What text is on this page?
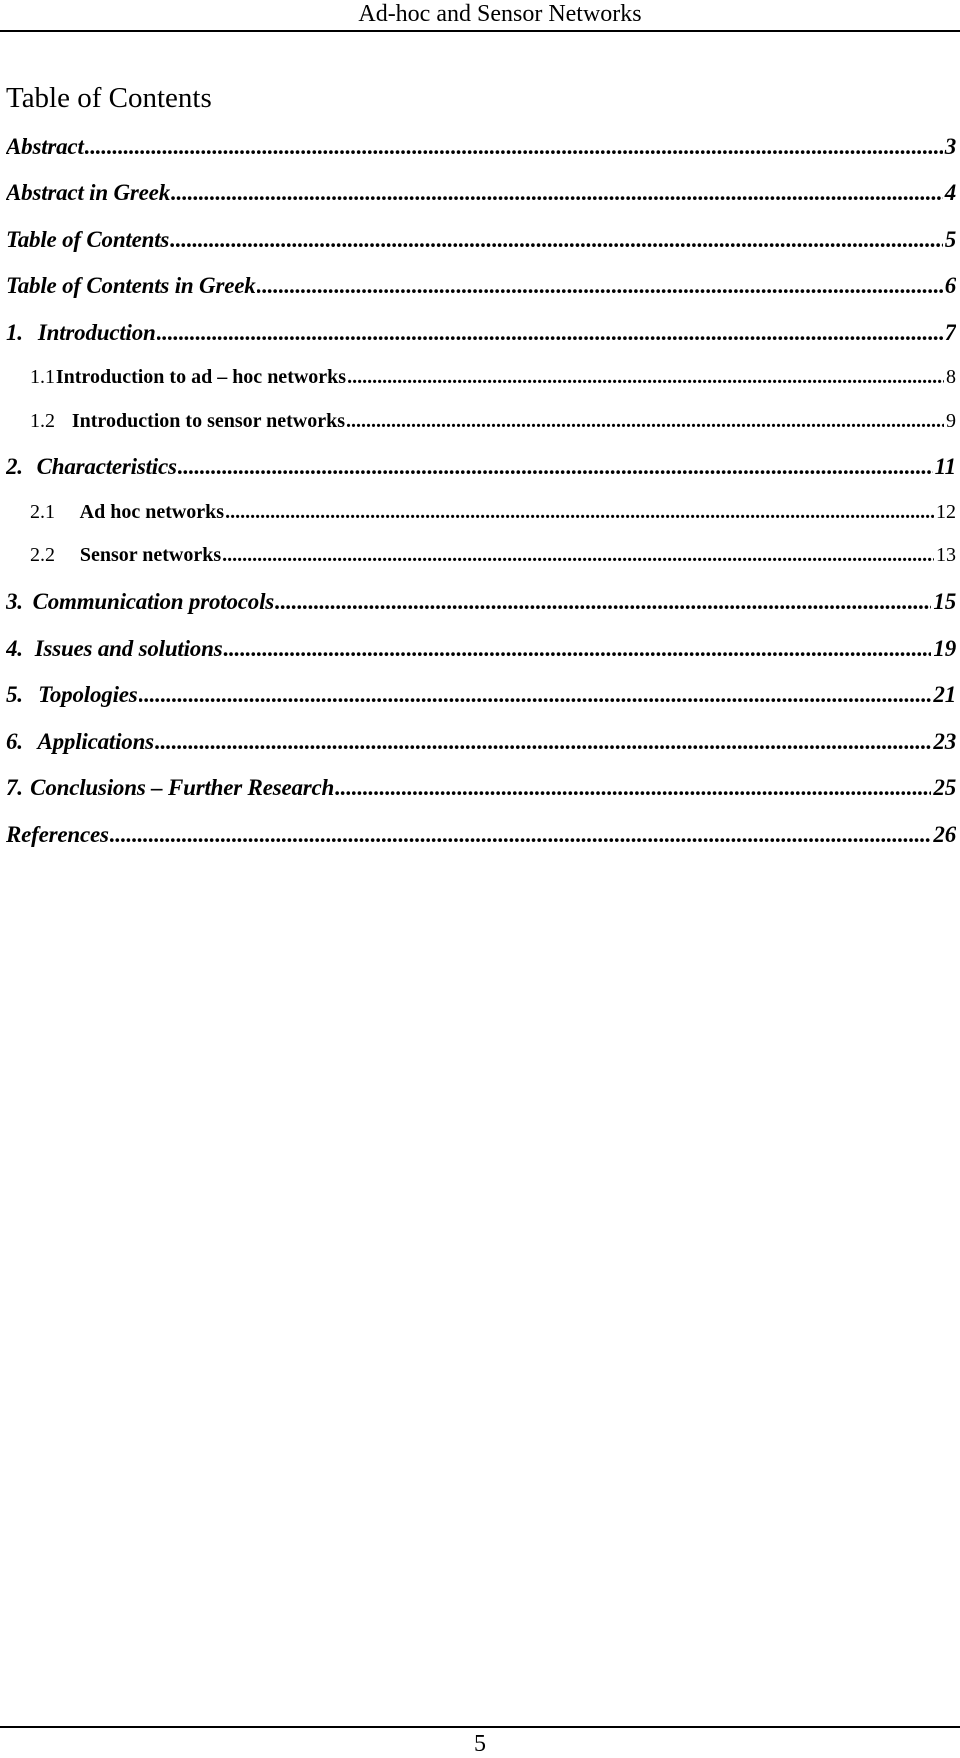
Ad-hoc and Sensor Networks
Table of Contents
Abstract .....	3
Abstract in Greek .....	4
Table of Contents .....	5
Table of Contents in Greek .....	6
1. Introduction .....	7
1.1 Introduction to ad – hoc networks .....	8
1.2 Introduction to sensor networks .....	9
2. Characteristics .....	11
2.1	Ad hoc networks .....	12
2.2	Sensor networks .....	13
3. Communication protocols .....	15
4. Issues and solutions .....	19
5. Topologies .....	21
6. Applications .....	23
7. Conclusions – Further Research .....	25
References .....	26
5
